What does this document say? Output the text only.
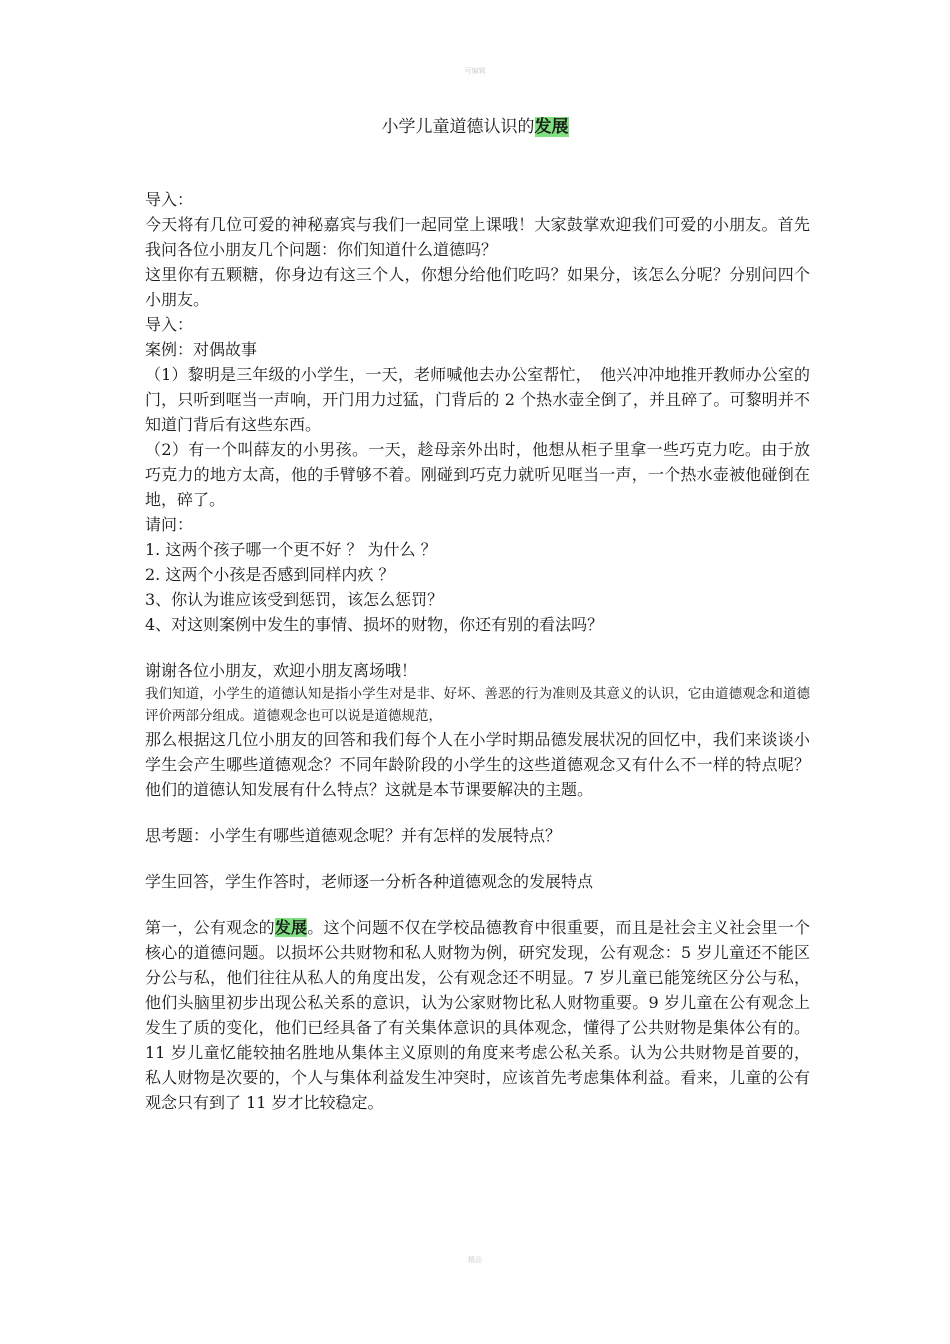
可编辑
小学儿童道德认识的发展

导入：

今天将有几位可爱的神秘嘉宾与我们一起同堂上课哦！大家鼓掌欢迎我们可爱的小朋友。首先我问各位小朋友几个问题：你们知道什么道德吗？

这里你有五颗糖，你身边有这三个人，你想分给他们吃吗？如果分，该怎么分呢？分别问四个小朋友。

导入：

案例：对偶故事

（1）黎明是三年级的小学生，一天，老师喊他去办公室帮忙，　他兴冲冲地推开教师办公室的门，只听到哐当一声响，开门用力过猛，门背后的 2 个热水壶全倒了，并且碎了。可黎明并不知道门背后有这些东西。

（2）有一个叫薛友的小男孩。一天，趁母亲外出时，他想从柜子里拿一些巧克力吃。由于放巧克力的地方太高，他的手臂够不着。刚碰到巧克力就听见哐当一声，一个热水壶被他碰倒在地，碎了。

请问：

1. 这两个孩子哪一个更不好 ？ 为什么 ？

2. 这两个小孩是否感到同样内疚 ？

3、你认为谁应该受到惩罚，该怎么惩罚？

4、对这则案例中发生的事情、损坏的财物，你还有别的看法吗？

谢谢各位小朋友，欢迎小朋友离场哦！

我们知道，小学生的道德认知是指小学生对是非、好坏、善恶的行为准则及其意义的认识，它由道德观念和道德评价两部分组成。道德观念也可以说是道德规范，

那么根据这几位小朋友的回答和我们每个人在小学时期品德发展状况的回忆中，我们来谈谈小学生会产生哪些道德观念？不同年龄阶段的小学生的这些道德观念又有什么不一样的特点呢？他们的道德认知发展有什么特点？这就是本节课要解决的主题。

思考题：小学生有哪些道德观念呢？并有怎样的发展特点？

学生回答，学生作答时，老师逐一分析各种道德观念的发展特点

第一，公有观念的发展。这个问题不仅在学校品德教育中很重要，而且是社会主义社会里一个核心的道德问题。以损坏公共财物和私人财物为例，研究发现，公有观念：5 岁儿童还不能区分公与私，他们往往从私人的角度出发，公有观念还不明显。7 岁儿童已能笼统区分公与私，他们头脑里初步出现公私关系的意识，认为公家财物比私人财物重要。9 岁儿童在公有观念上发生了质的变化，他们已经具备了有关集体意识的具体观念，懂得了公共财物是集体公有的。11 岁儿童忆能较抽名胜地从集体主义原则的角度来考虑公私关系。认为公共财物是首要的，私人财物是次要的，个人与集体利益发生冲突时，应该首先考虑集体利益。看来，儿童的公有观念只有到了 11 岁才比较稳定。

精品
